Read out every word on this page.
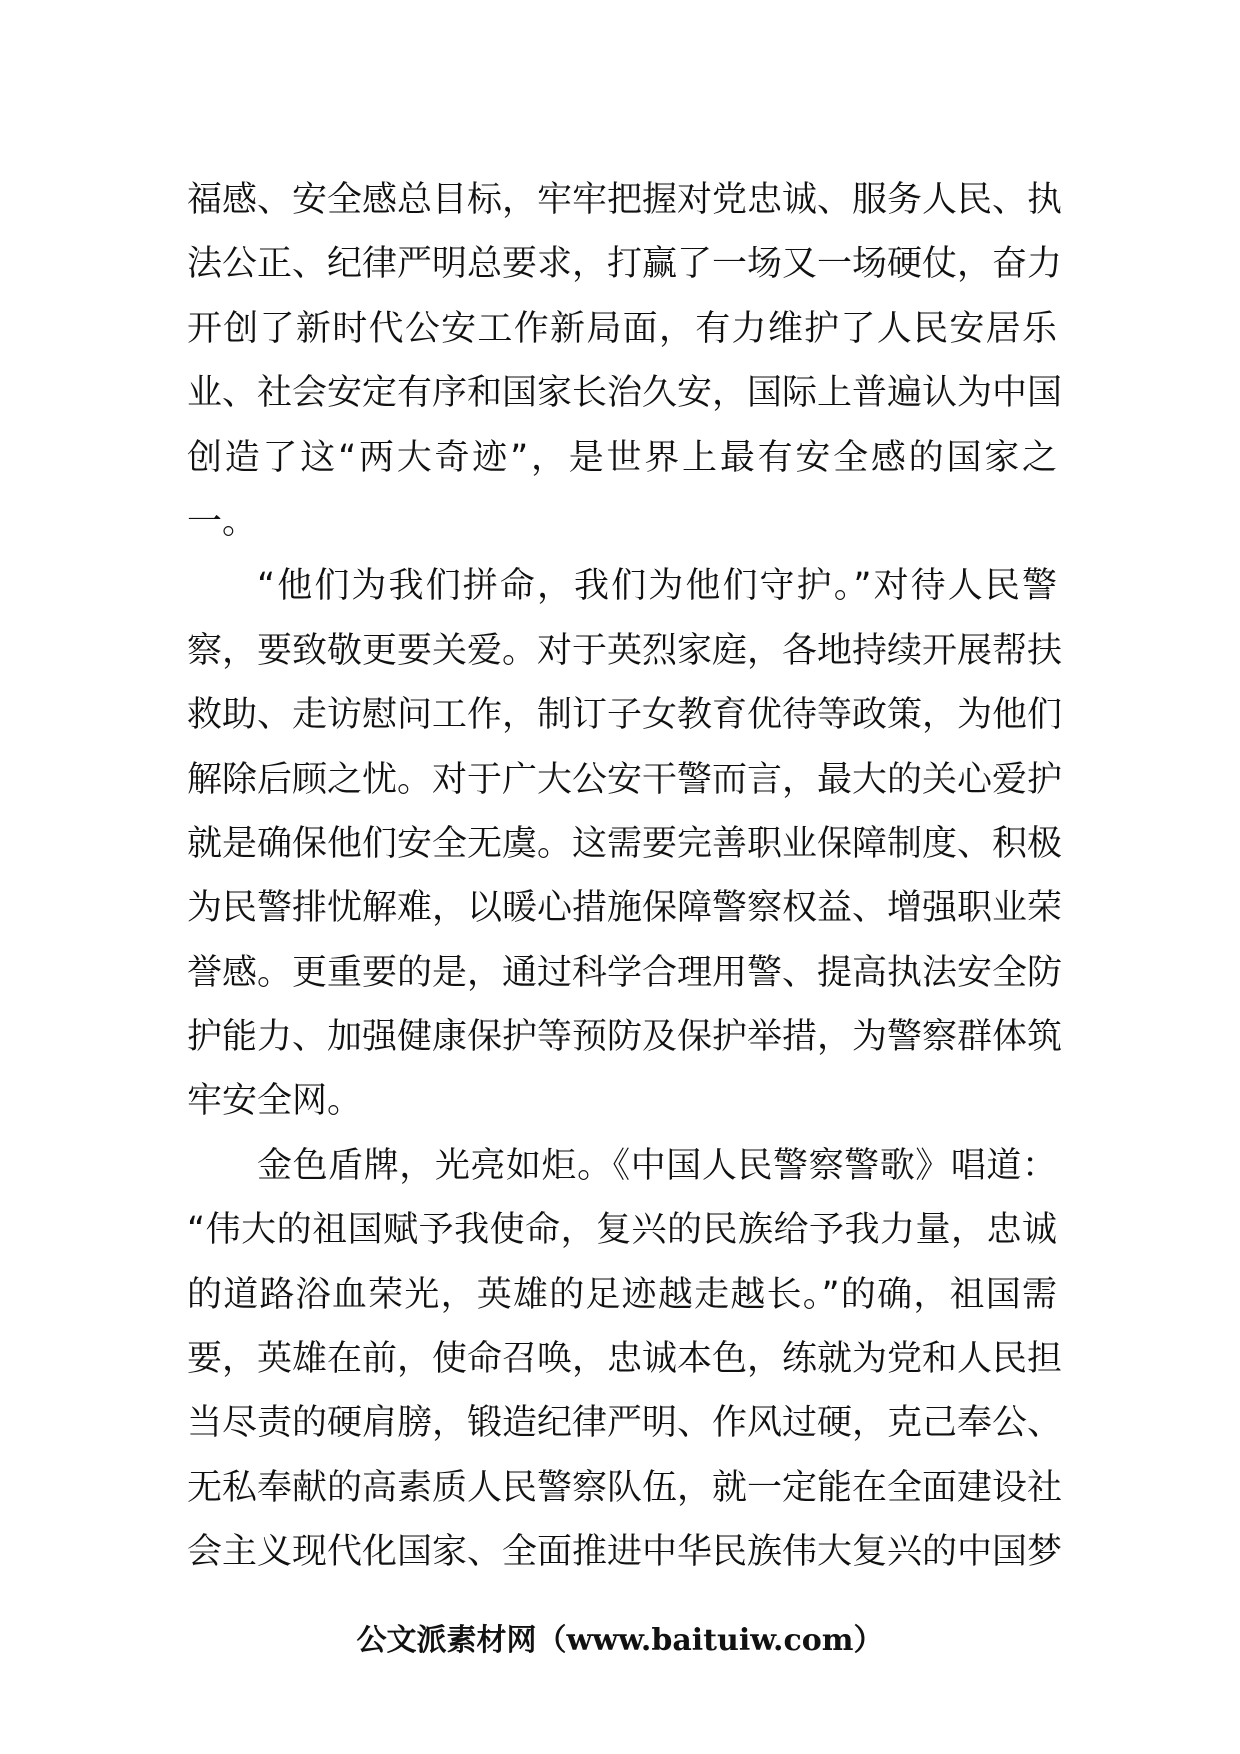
福感、安全感总目标，牢牢把握对党忠诚、服务人民、执
法公正、纪律严明总要求，打赢了一场又一场硬仗，奋力
开创了新时代公安工作新局面，有力维护了人民安居乐
业、社会安定有序和国家长治久安，国际上普遍认为中国
创造了这“两大奇迹”，是世界上最有安全感的国家之
一。
“他们为我们拼命，我们为他们守护。”对待人民警
察，要致敬更要关爱。对于英烈家庭，各地持续开展帮扶
救助、走访慰问工作，制订子女教育优待等政策，为他们
解除后顾之忧。对于广大公安干警而言，最大的关心爱护
就是确保他们安全无虞。这需要完善职业保障制度、积极
为民警排忧解难，以暖心措施保障警察权益、增强职业荣
誉感。更重要的是，通过科学合理用警、提高执法安全防
护能力、加强健康保护等预防及保护举措，为警察群体筑
牢安全网。
金色盾牌，光亮如炬。《中国人民警察警歌》唱道：
“伟大的祖国赋予我使命，复兴的民族给予我力量，忠诚
的道路浴血荣光，英雄的足迹越走越长。”的确，祖国需
要，英雄在前，使命召唤，忠诚本色，练就为党和人民担
当尽责的硬肩膀，锻造纪律严明、作风过硬，克己奉公、
无私奉献的高素质人民警察队伍，就一定能在全面建设社
会主义现代化国家、全面推进中华民族伟大复兴的中国梦
公文派素材网（www.baituiw.com）
